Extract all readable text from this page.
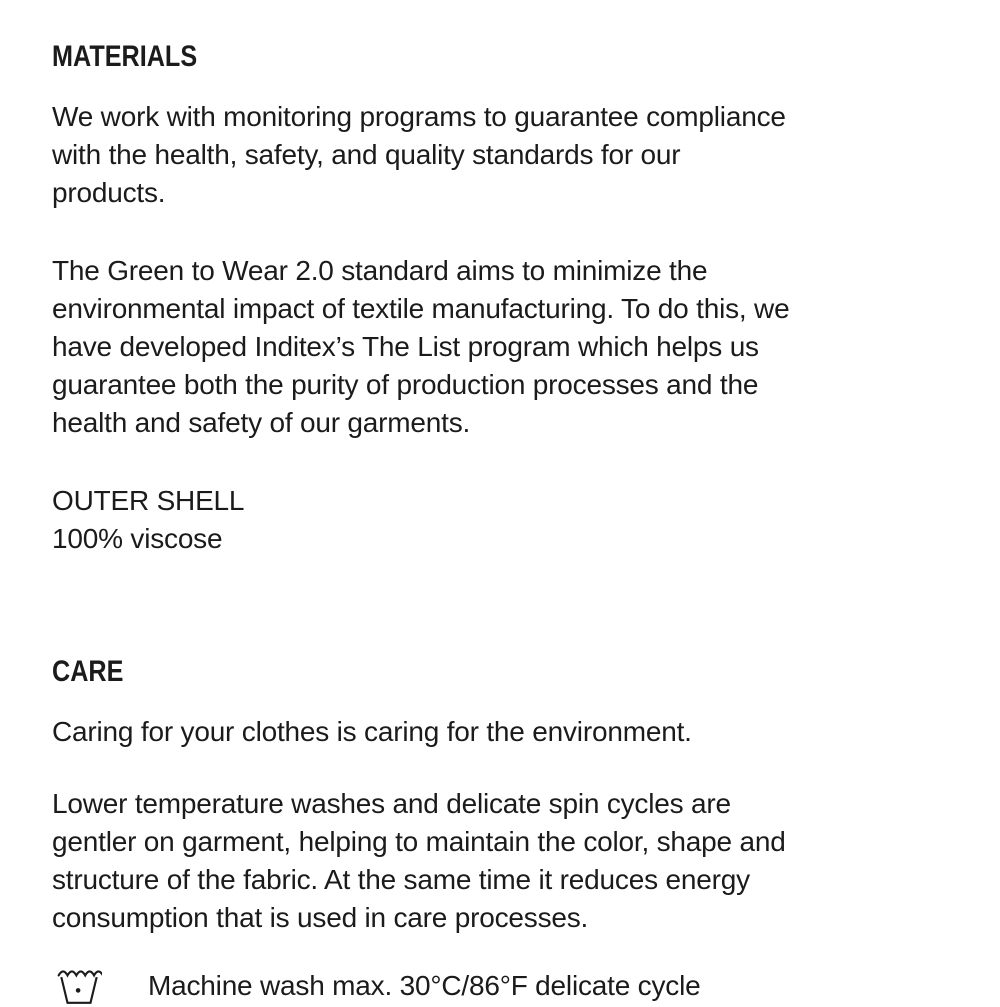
MATERIALS

We work with monitoring programs to guarantee compliance
with the health, safety, and quality standards for our
products.

The Green to Wear 2.0 standard aims to minimize the
environmental impact of textile manufacturing. To do this, we
have developed Inditex’s The List program which helps us
guarantee both the purity of production processes and the
health and safety of our garments.

OUTER SHELL
100% viscose

CARE

Caring for your clothes is caring for the environment.

Lower temperature washes and delicate spin cycles are
gentler on garment, helping to maintain the color, shape and
structure of the fabric. At the same time it reduces energy
consumption that is used in care processes.

Machine wash max. 30°C/86°F delicate cycle
